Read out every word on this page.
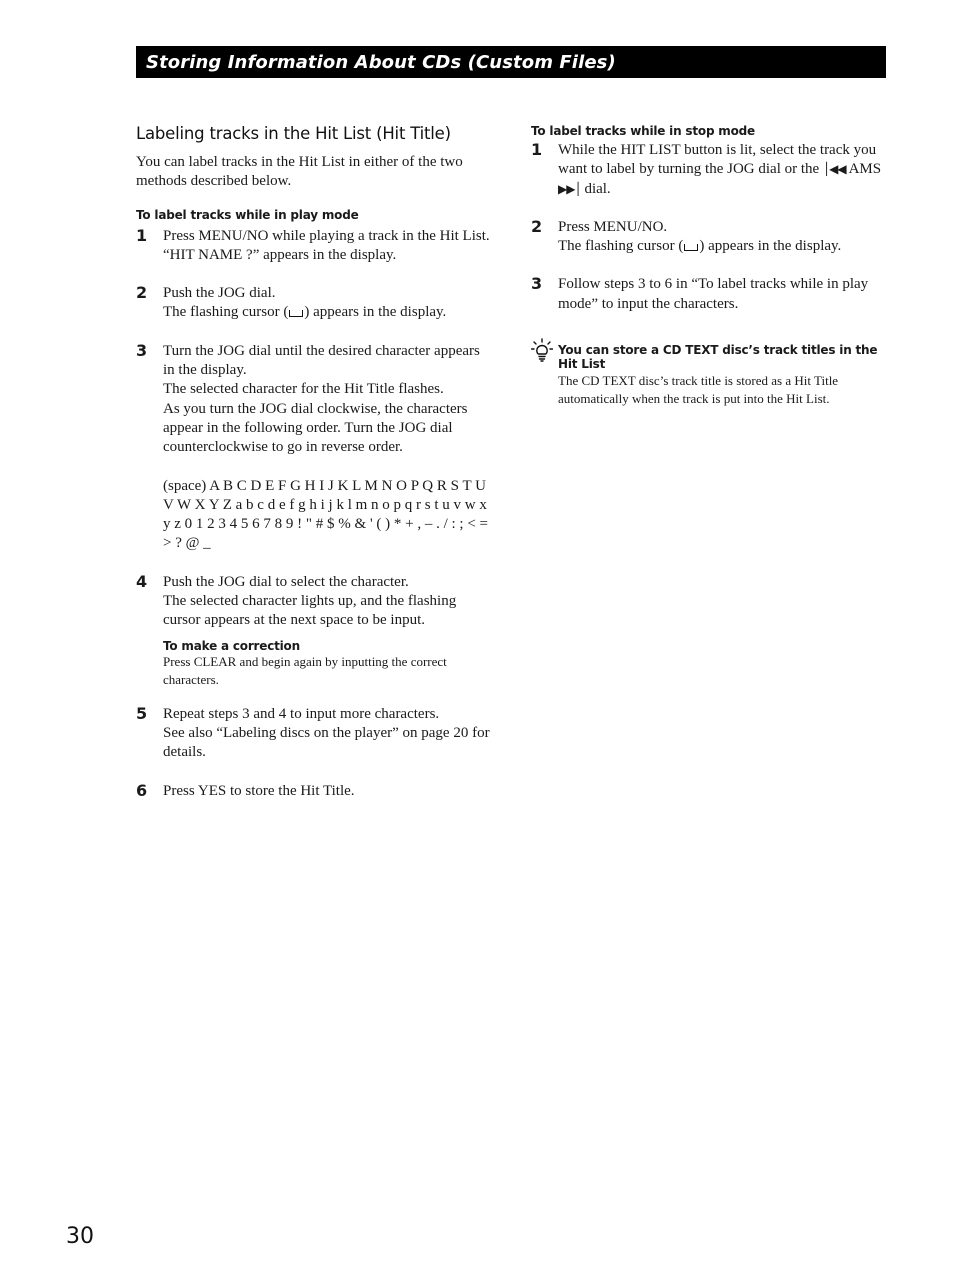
Storing Information About CDs (Custom Files)
Labeling tracks in the Hit List (Hit Title)

You can label tracks in the Hit List in either of the two methods described below.

To label tracks while in play mode

1	Press MENU/NO while playing a track in the Hit List.
“HIT NAME ?” appears in the display.
2	Push the JOG dial.
The flashing cursor ( ) appears in the display.
3	Turn the JOG dial until the desired character appears in the display.
The selected character for the Hit Title flashes.
As you turn the JOG dial clockwise, the characters appear in the following order. Turn the JOG dial counterclockwise to go in reverse order.
(space) A B C D E F G H I J K L M N O P Q R S T U V W X Y Z a b c d e f g h i j k l m n o p q r s t u v w x y z 0 1 2 3 4 5 6 7 8 9 ! " # $ % & ' ( ) * + , – . / : ; < = > ? @ _
4	Push the JOG dial to select the character.
The selected character lights up, and the flashing cursor appears at the next space to be input.

To make a correction

Press CLEAR and begin again by inputting the correct characters.
5	Repeat steps 3 and 4 to input more characters.
See also “Labeling discs on the player” on page 20 for details.
6	Press YES to store the Hit Title.

To label tracks while in stop mode

1	While the HIT LIST button is lit, select the track you want to label by turning the JOG dial or the │◀◀ AMS ▶▶│ dial.
2	Press MENU/NO.
The flashing cursor ( ) appears in the display.
3	Follow steps 3 to 6 in “To label tracks while in play mode” to input the characters.

You can store a CD TEXT disc’s track titles in the Hit List

The CD TEXT disc’s track title is stored as a Hit Title automatically when the track is put into the Hit List.
30
